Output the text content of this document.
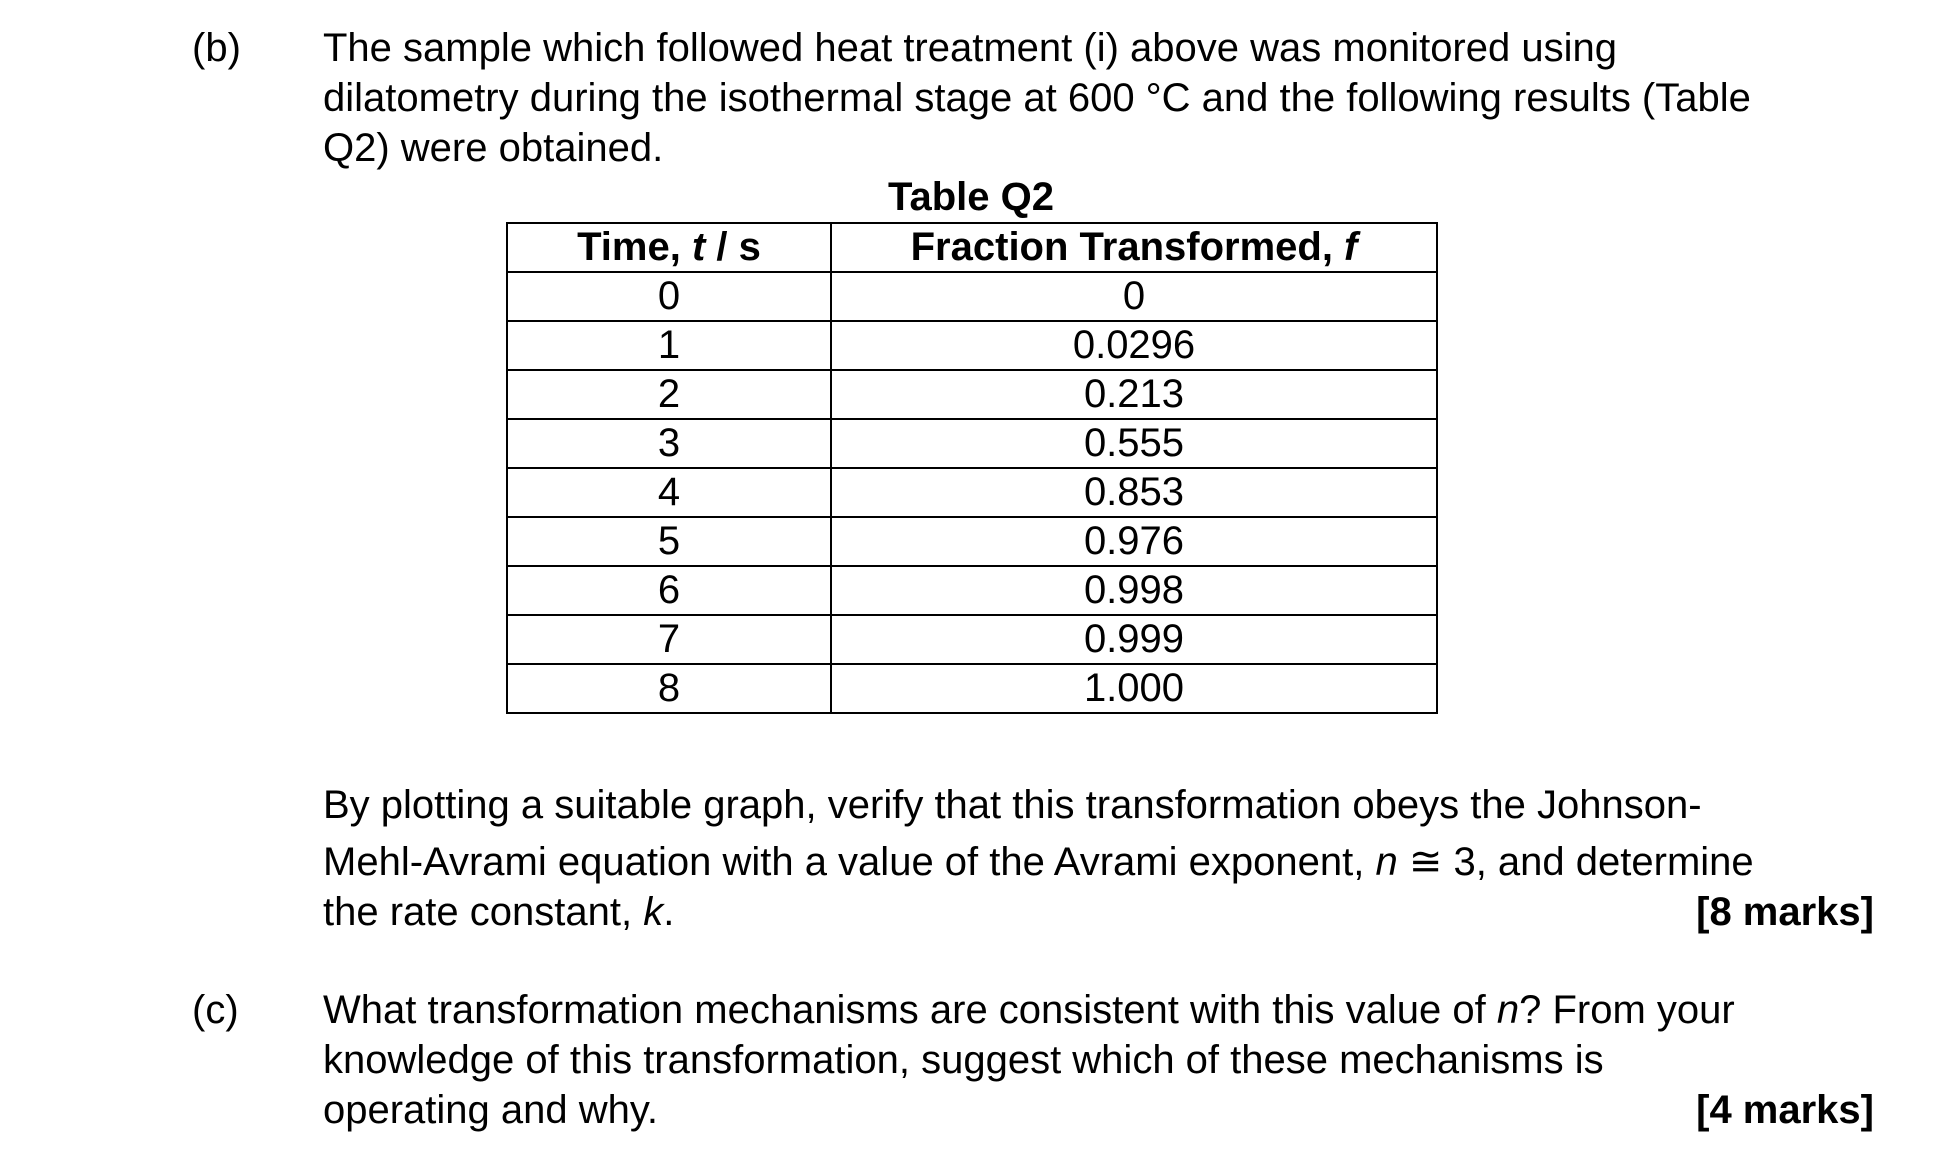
(b) The sample which followed heat treatment (i) above was monitored using
dilatometry during the isothermal stage at 600 °C and the following results (Table
Q2) were obtained.
Table Q2
Time, t / s	Fraction Transformed, f
0	0
1	0.0296
2	0.213
3	0.555
4	0.853
5	0.976
6	0.998
7	0.999
8	1.000
By plotting a suitable graph, verify that this transformation obeys the Johnson-
Mehl-Avrami equation with a value of the Avrami exponent, n ≅ 3, and determine
the rate constant, k.	[8 marks]
(c) What transformation mechanisms are consistent with this value of n? From your
knowledge of this transformation, suggest which of these mechanisms is
operating and why.	[4 marks]
